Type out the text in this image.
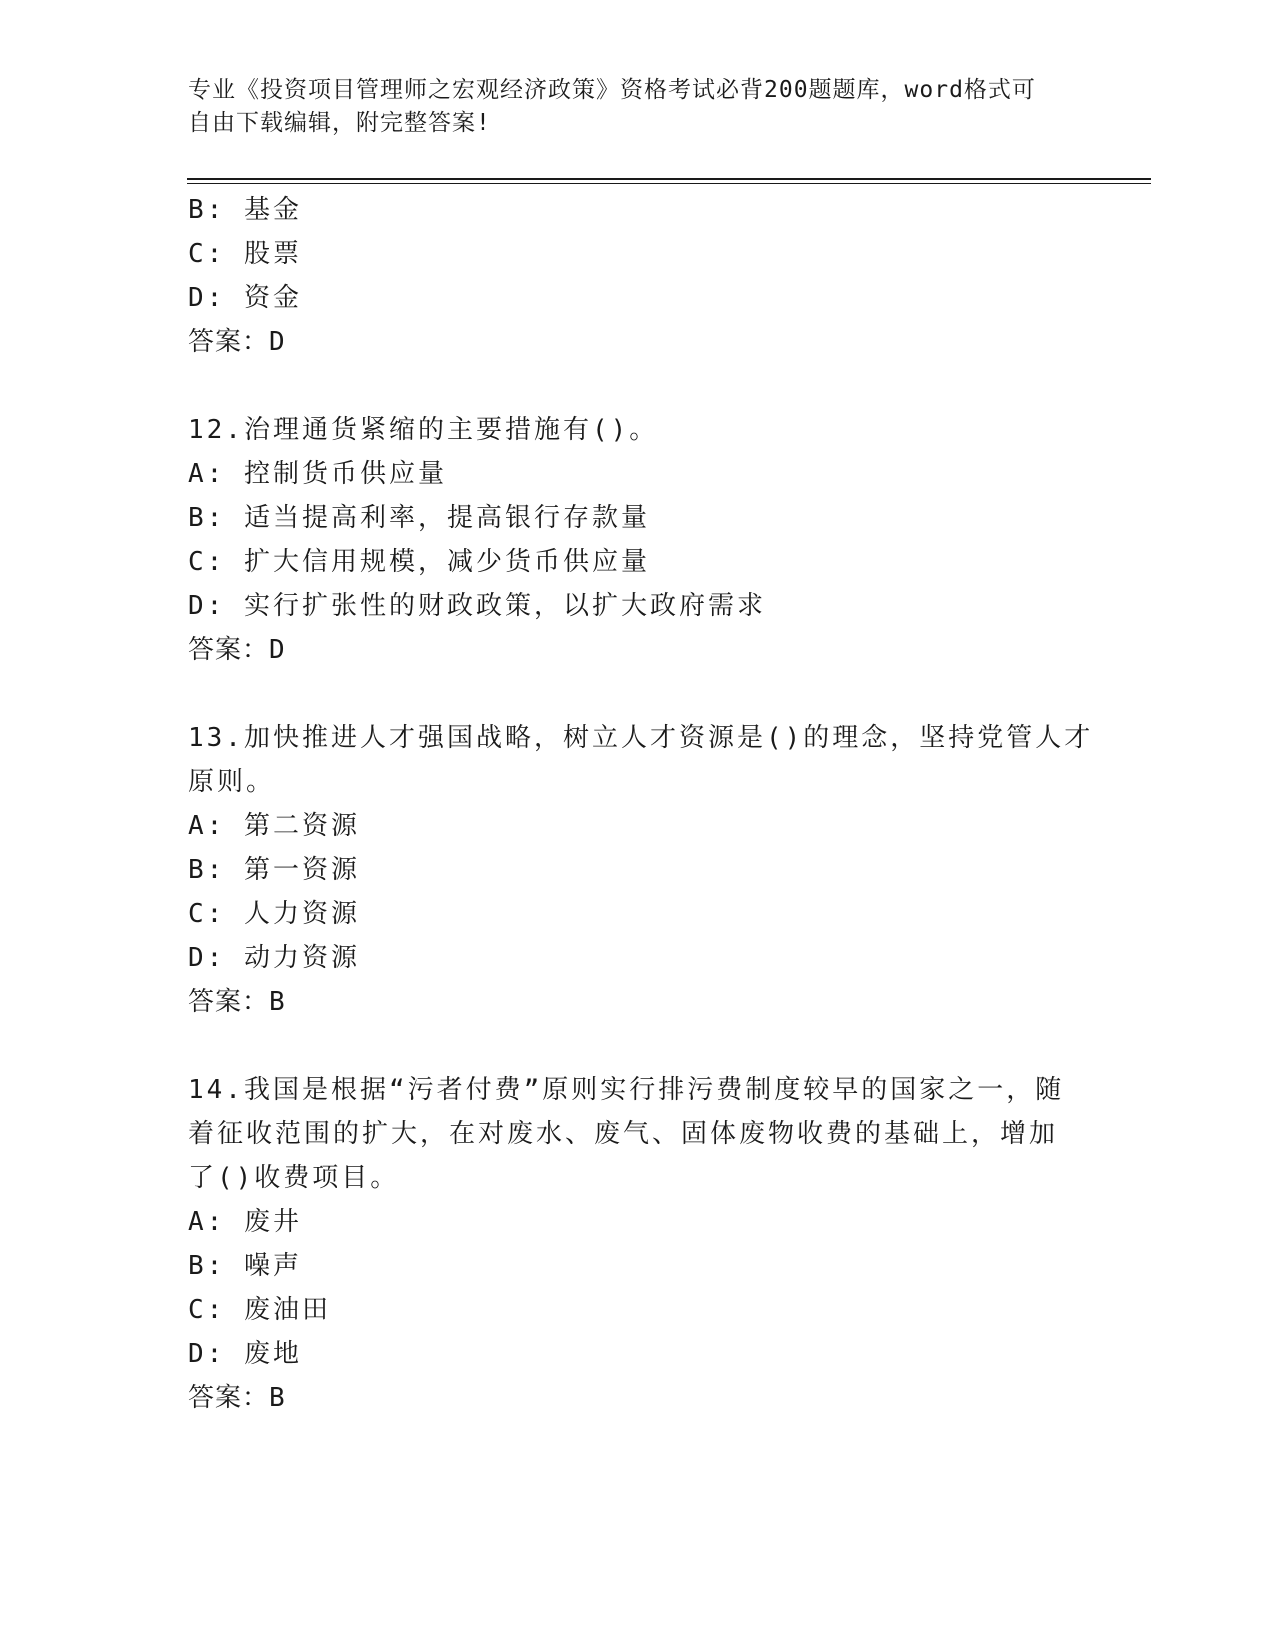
专业《投资项目管理师之宏观经济政策》资格考试必背200题题库，word格式可
自由下载编辑，附完整答案!
B: 基金
C: 股票
D: 资金
答案：D
12.治理通货紧缩的主要措施有()。
A: 控制货币供应量
B: 适当提高利率，提高银行存款量
C: 扩大信用规模，减少货币供应量
D: 实行扩张性的财政政策，以扩大政府需求
答案：D
13.加快推进人才强国战略，树立人才资源是()的理念，坚持党管人才
原则。
A: 第二资源
B: 第一资源
C: 人力资源
D: 动力资源
答案：B
14.我国是根据“污者付费”原则实行排污费制度较早的国家之一，随
着征收范围的扩大，在对废水、废气、固体废物收费的基础上，增加
了()收费项目。
A: 废井
B: 噪声
C: 废油田
D: 废地
答案：B
